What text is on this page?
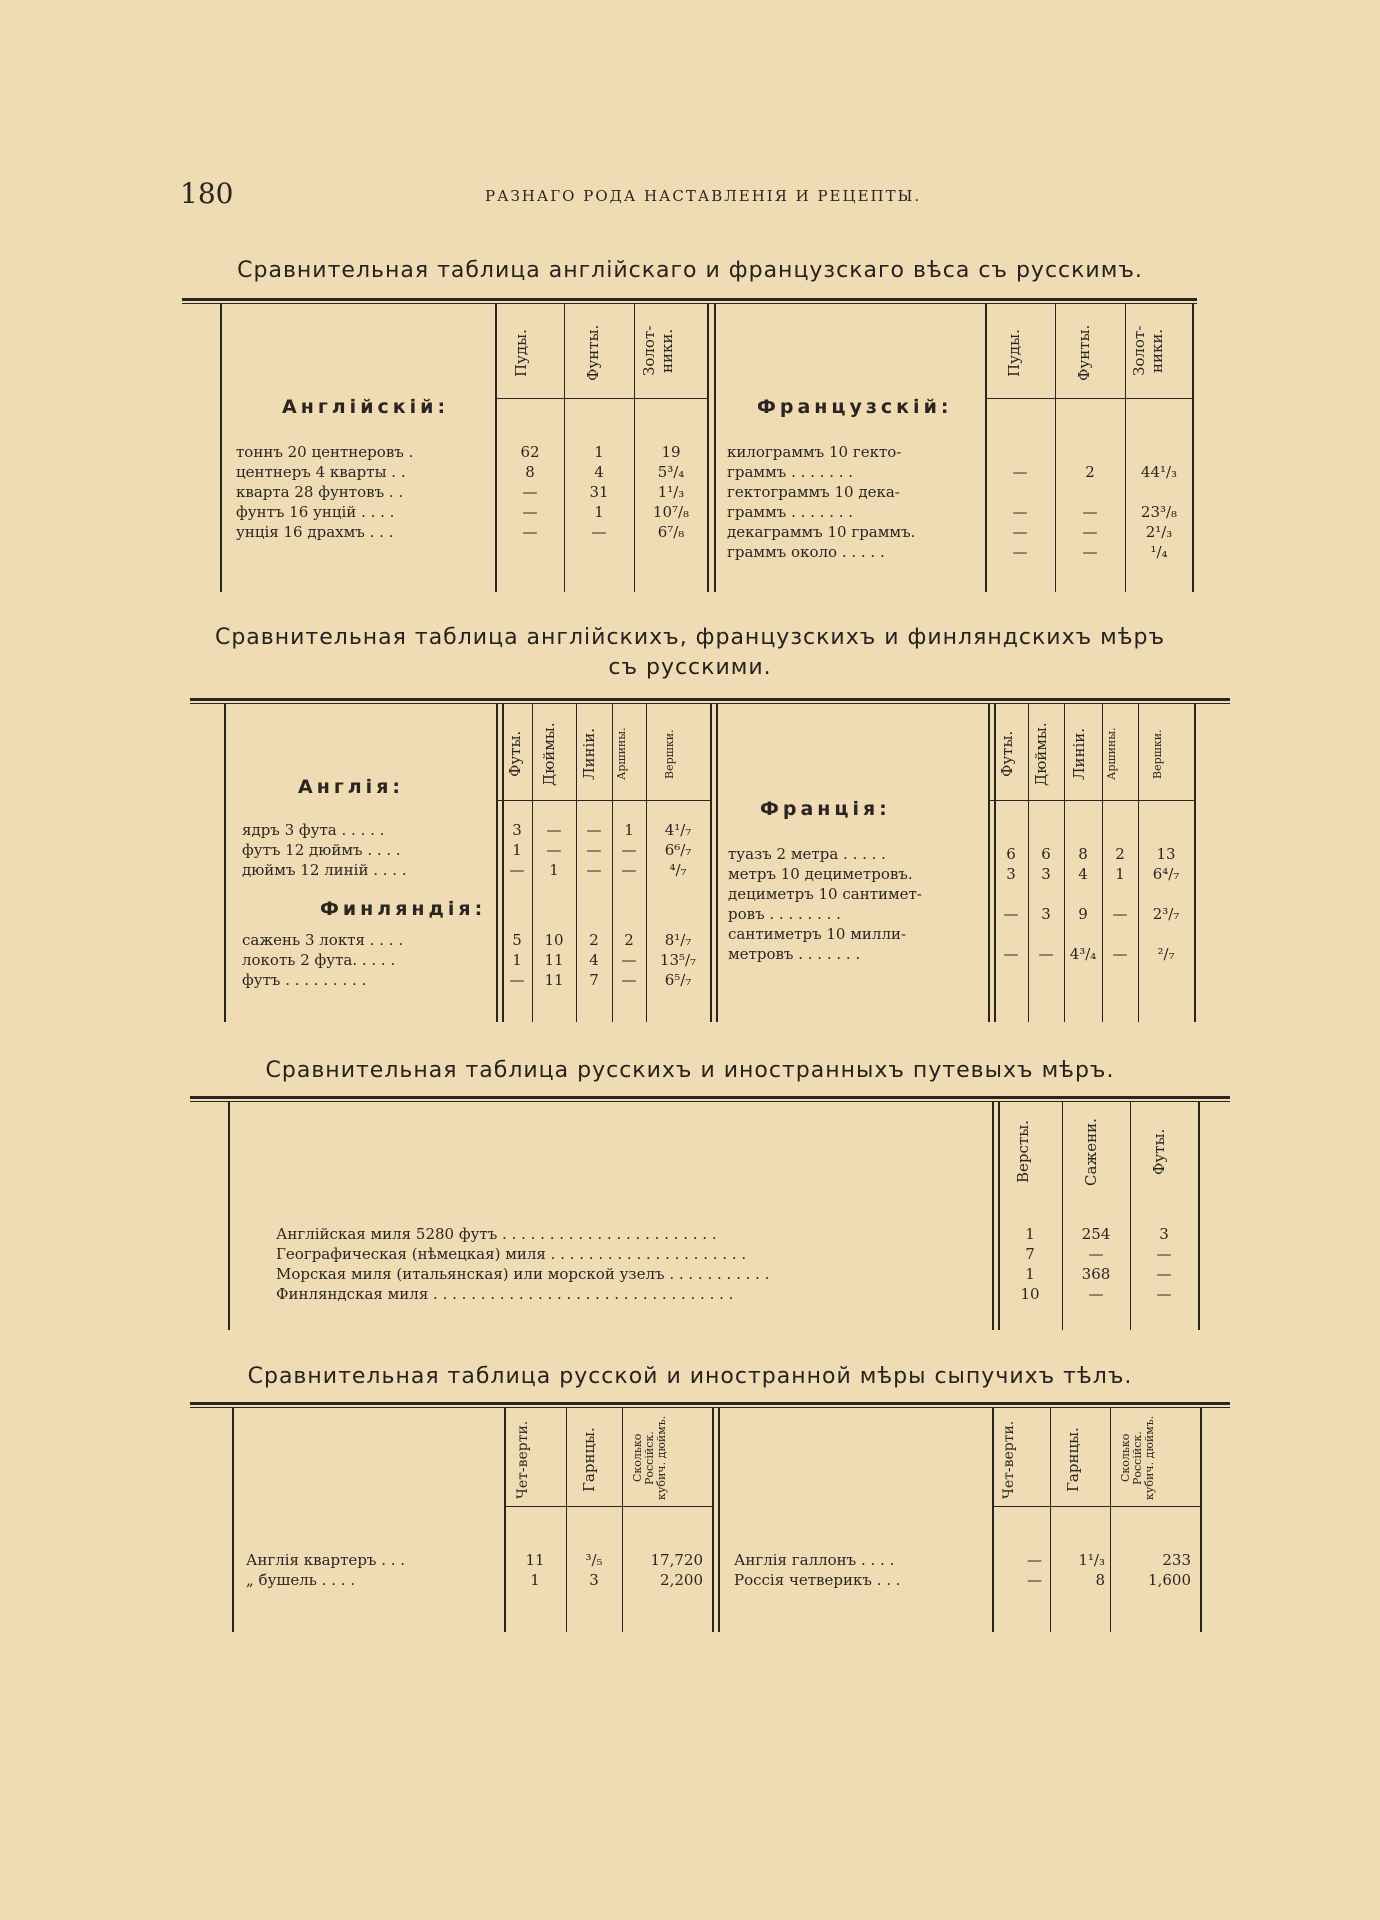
180	РАЗНАГО РОДА НАСТАВЛЕНІЯ И РЕЦЕПТЫ.
Сравнительная таблица англійскаго и французскаго вѣса съ русскимъ.
Пуды.	Фунты.	Золот-ники.	Пуды.	Фунты.	Золот-ники.
Англійскій:	Французскій:
тоннъ 20 центнеровъ .	62	1	19
центнеръ 4 кварты . .	8	4	5³/₄
кварта 28 фунтовъ . .	—	31	1¹/₃
фунтъ 16 унцій . . . .	—	1	10⁷/₈
унція 16 драхмъ . . .	—	—	6⁷/₈
килограммъ 10 гекто-
граммъ . . . . . . .	—	2	44¹/₃
гектограммъ 10 дека-
граммъ . . . . . . .	—	—	23³/₈
декаграммъ 10 граммъ.	—	—	2¹/₃
граммъ около . . . . .	—	—	¹/₄
Сравнительная таблица англійскихъ, французскихъ и финляндскихъ мѣръ
съ русскими.
Футы.	Дюймы.	Линіи.	Аршины.	Вершки.	Футы.	Дюймы.	Линіи.	Аршины.	Вершки.
Англія:
Финляндія:
Франція:
ядръ 3 фута . . . . .	3	—	—	1	4¹/₇
футъ 12 дюймъ . . . .	1	—	—	—	6⁶/₇
дюймъ 12 линій . . . .	—	1	—	—	⁴/₇
сажень 3 локтя . . . .	5	10	2	2	8¹/₇
локоть 2 фута. . . . .	1	11	4	—	13⁵/₇
футъ . . . . . . . . .	—	11	7	—	6⁵/₇
туазъ 2 метра . . . . .	6	6	8	2	13
метръ 10 дециметровъ.	3	3	4	1	6⁴/₇
дециметръ 10 сантимет-
ровъ . . . . . . . .	—	3	9	—	2³/₇
сантиметръ 10 милли-
метровъ . . . . . . .	—	—	4³/₄	—	²/₇
Сравнительная таблица русскихъ и иностранныхъ путевыхъ мѣръ.
Версты.	Сажени.	Футы.
Англійская миля 5280 футъ . . . . . . . . . . . . . . . . . . . . . . .	1	254	3
Географическая (нѣмецкая) миля . . . . . . . . . . . . . . . . . . . . .	7	—	—
Морская миля (итальянская) или морской узелъ . . . . . . . . . . .	1	368	—
Финляндская миля . . . . . . . . . . . . . . . . . . . . . . . . . . . . . . . .	10	—	—
Сравнительная таблица русской и иностранной мѣры сыпучихъ тѣлъ.
Чет-верти.	Гарнцы.	Сколько Россійск. кубич. дюймъ.	Чет-верти.	Гарнцы.	Сколько Россійск. кубич. дюймъ.
Англія квартеръ . . .	11	³/₅	17,720
„ бушель . . . .	1	3	2,200
Англія галлонъ . . . .	—	1¹/₃	233
Россія четверикъ . . .	—	8	1,600
